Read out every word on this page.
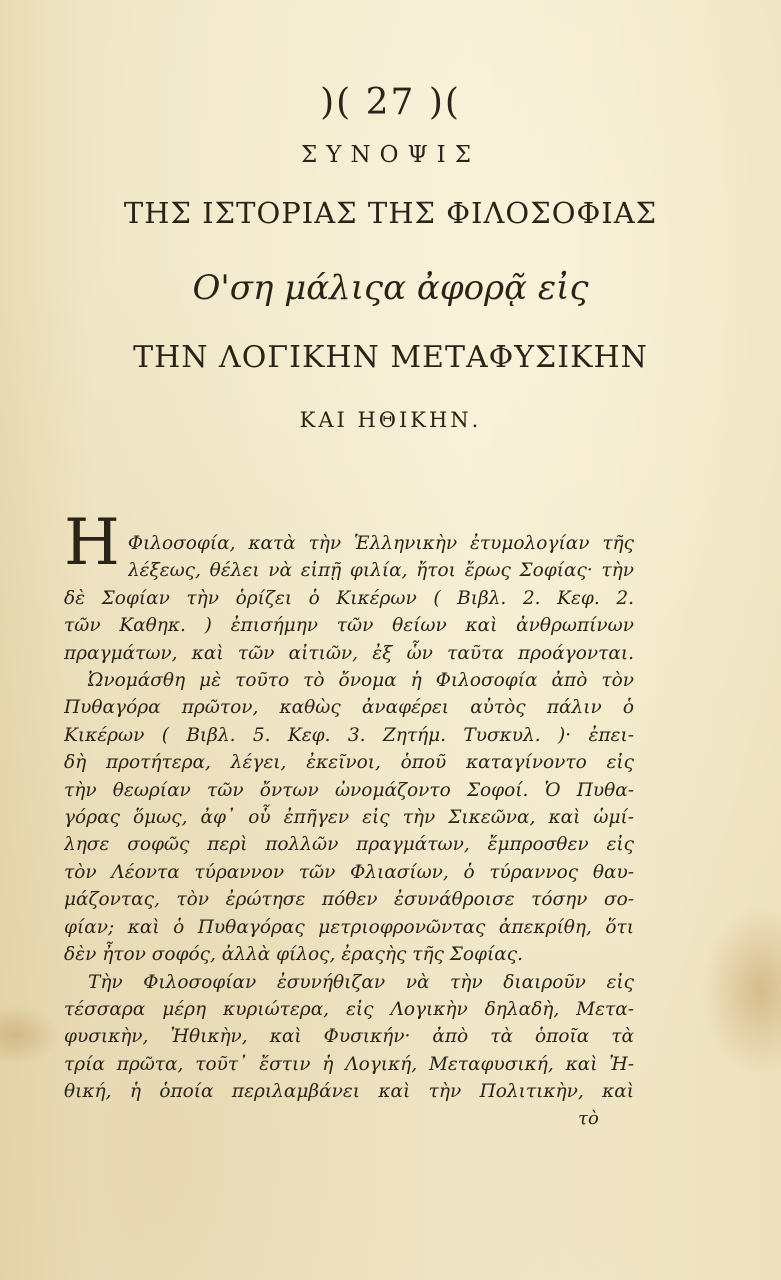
)( 27 )(
ΣΥΝΟΨΙΣ
ΤΗΣ ΙΣΤΟΡΙΑΣ ΤΗΣ ΦΙΛΟΣΟΦΙΑΣ
Ο'ση μάλιςα ἀφορᾷ εἰς
ΤΗΝ ΛΟΓΙΚΗΝ ΜΕΤΑΦΥΣΙΚΗΝ
ΚΑΙ ΗΘΙΚΗΝ.
Η Φιλοσοφία, κατὰ τὴν Ἑλληνικὴν ἐτυμολογίαν τῆς
λέξεως, θέλει νὰ εἰπῇ φιλία, ἤτοι ἔρως Σοφίας· τὴν
δὲ Σοφίαν τὴν ὁρίζει ὁ Κικέρων ( Βιβλ. 2. Κεφ. 2.
τῶν Καθηκ. ) ἐπισήμην τῶν θείων καὶ ἀνθρωπίνων
πραγμάτων, καὶ τῶν αἰτιῶν, ἐξ ὧν ταῦτα προάγονται.
Ὠνομάσθη μὲ τοῦτο τὸ ὄνομα ἡ Φιλοσοφία ἀπὸ τὸν
Πυθαγόρα πρῶτον, καθὼς ἀναφέρει αὐτὸς πάλιν ὁ
Κικέρων ( Βιβλ. 5. Κεφ. 3. Ζητήμ. Τυσκυλ. )· ἐπει-
δὴ προτήτερα, λέγει, ἐκεῖνοι, ὁποῦ καταγίνοντο εἰς
τὴν θεωρίαν τῶν ὄντων ὠνομάζοντο Σοφοί. Ὁ Πυθα-
γόρας ὅμως, ἀφ᾽ οὗ ἐπῆγεν εἰς τὴν Σικεῶνα, καὶ ὡμί-
λησε σοφῶς περὶ πολλῶν πραγμάτων, ἔμπροσθεν εἰς
τὸν Λέοντα τύραννον τῶν Φλιασίων, ὁ τύραννος θαυ-
μάζοντας, τὸν ἐρώτησε πόθεν ἐσυνάθροισε τόσην σο-
φίαν; καὶ ὁ Πυθαγόρας μετριοφρονῶντας ἀπεκρίθη, ὅτι
δὲν ἦτον σοφός, ἀλλὰ φίλος, ἐραςὴς τῆς Σοφίας.
Τὴν Φιλοσοφίαν ἐσυνήθιζαν νὰ τὴν διαιροῦν εἰς
τέσσαρα μέρη κυριώτερα, εἰς Λογικὴν δηλαδὴ, Μετα-
φυσικὴν, Ἠθικὴν, καὶ Φυσικήν· ἀπὸ τὰ ὁποῖα τὰ
τρία πρῶτα, τοῦτ᾽ ἔστιν ἡ Λογική, Μεταφυσική, καὶ Ἠ-
θική, ἡ ὁποία περιλαμβάνει καὶ τὴν Πολιτικὴν, καὶ
τὸ
